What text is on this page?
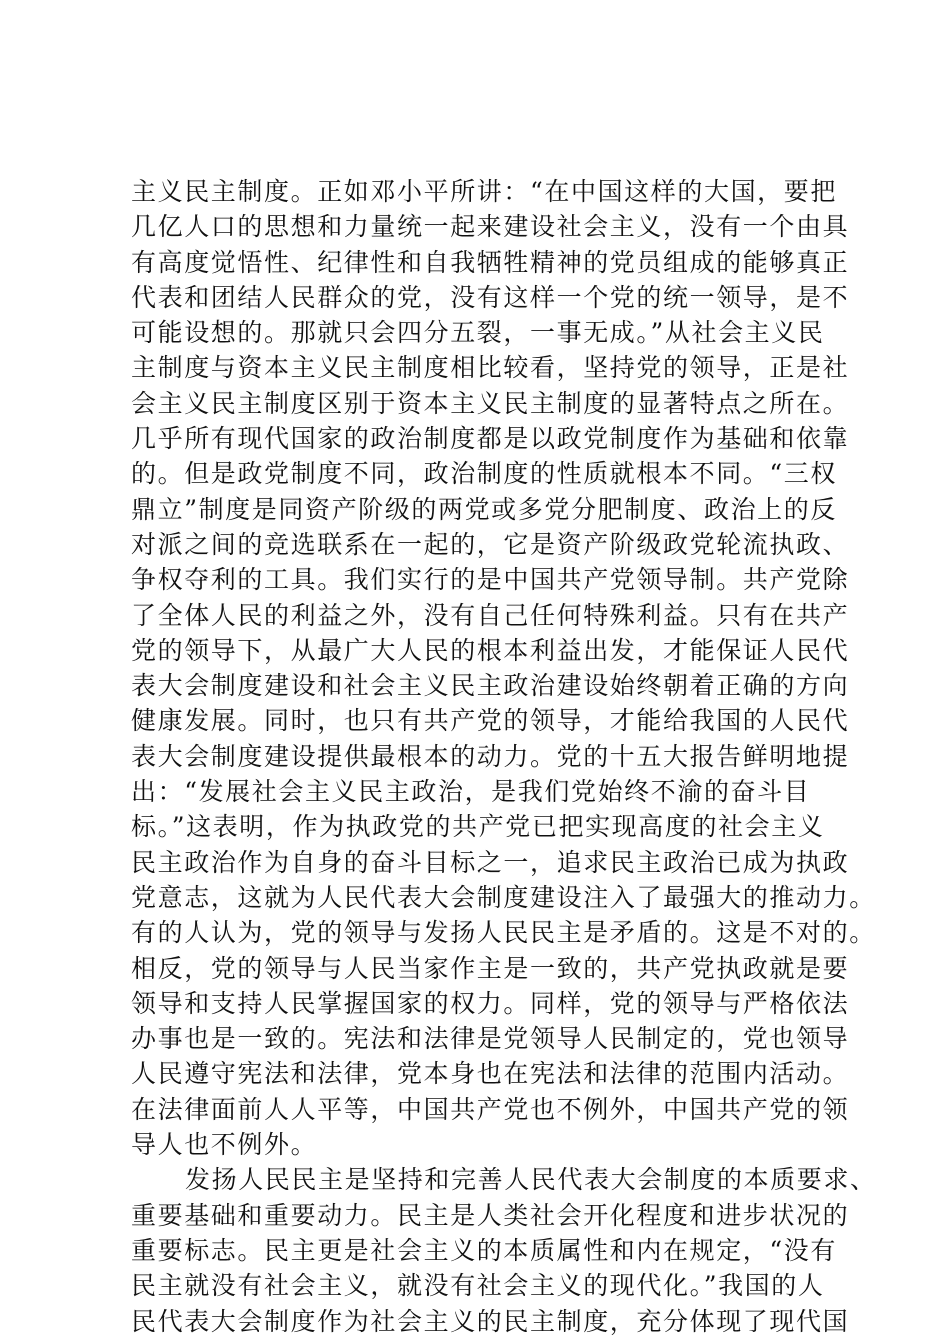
主义民主制度。正如邓小平所讲：“在中国这样的大国，要把
几亿人口的思想和力量统一起来建设社会主义，没有一个由具
有高度觉悟性、纪律性和自我牺牲精神的党员组成的能够真正
代表和团结人民群众的党，没有这样一个党的统一领导，是不
可能设想的。那就只会四分五裂，一事无成。”从社会主义民
主制度与资本主义民主制度相比较看，坚持党的领导，正是社
会主义民主制度区别于资本主义民主制度的显著特点之所在。
几乎所有现代国家的政治制度都是以政党制度作为基础和依靠
的。但是政党制度不同，政治制度的性质就根本不同。“三权
鼎立”制度是同资产阶级的两党或多党分肥制度、政治上的反
对派之间的竞选联系在一起的，它是资产阶级政党轮流执政、
争权夺利的工具。我们实行的是中国共产党领导制。共产党除
了全体人民的利益之外，没有自己任何特殊利益。只有在共产
党的领导下，从最广大人民的根本利益出发，才能保证人民代
表大会制度建设和社会主义民主政治建设始终朝着正确的方向
健康发展。同时，也只有共产党的领导，才能给我国的人民代
表大会制度建设提供最根本的动力。党的十五大报告鲜明地提
出：“发展社会主义民主政治，是我们党始终不渝的奋斗目
标。”这表明，作为执政党的共产党已把实现高度的社会主义
民主政治作为自身的奋斗目标之一，追求民主政治已成为执政
党意志，这就为人民代表大会制度建设注入了最强大的推动力。
有的人认为，党的领导与发扬人民民主是矛盾的。这是不对的。
相反，党的领导与人民当家作主是一致的，共产党执政就是要
领导和支持人民掌握国家的权力。同样，党的领导与严格依法
办事也是一致的。宪法和法律是党领导人民制定的，党也领导
人民遵守宪法和法律，党本身也在宪法和法律的范围内活动。
在法律面前人人平等，中国共产党也不例外，中国共产党的领
导人也不例外。
发扬人民民主是坚持和完善人民代表大会制度的本质要求、
重要基础和重要动力。民主是人类社会开化程度和进步状况的
重要标志。民主更是社会主义的本质属性和内在规定，“没有
民主就没有社会主义，就没有社会主义的现代化。”我国的人
民代表大会制度作为社会主义的民主制度，充分体现了现代国
